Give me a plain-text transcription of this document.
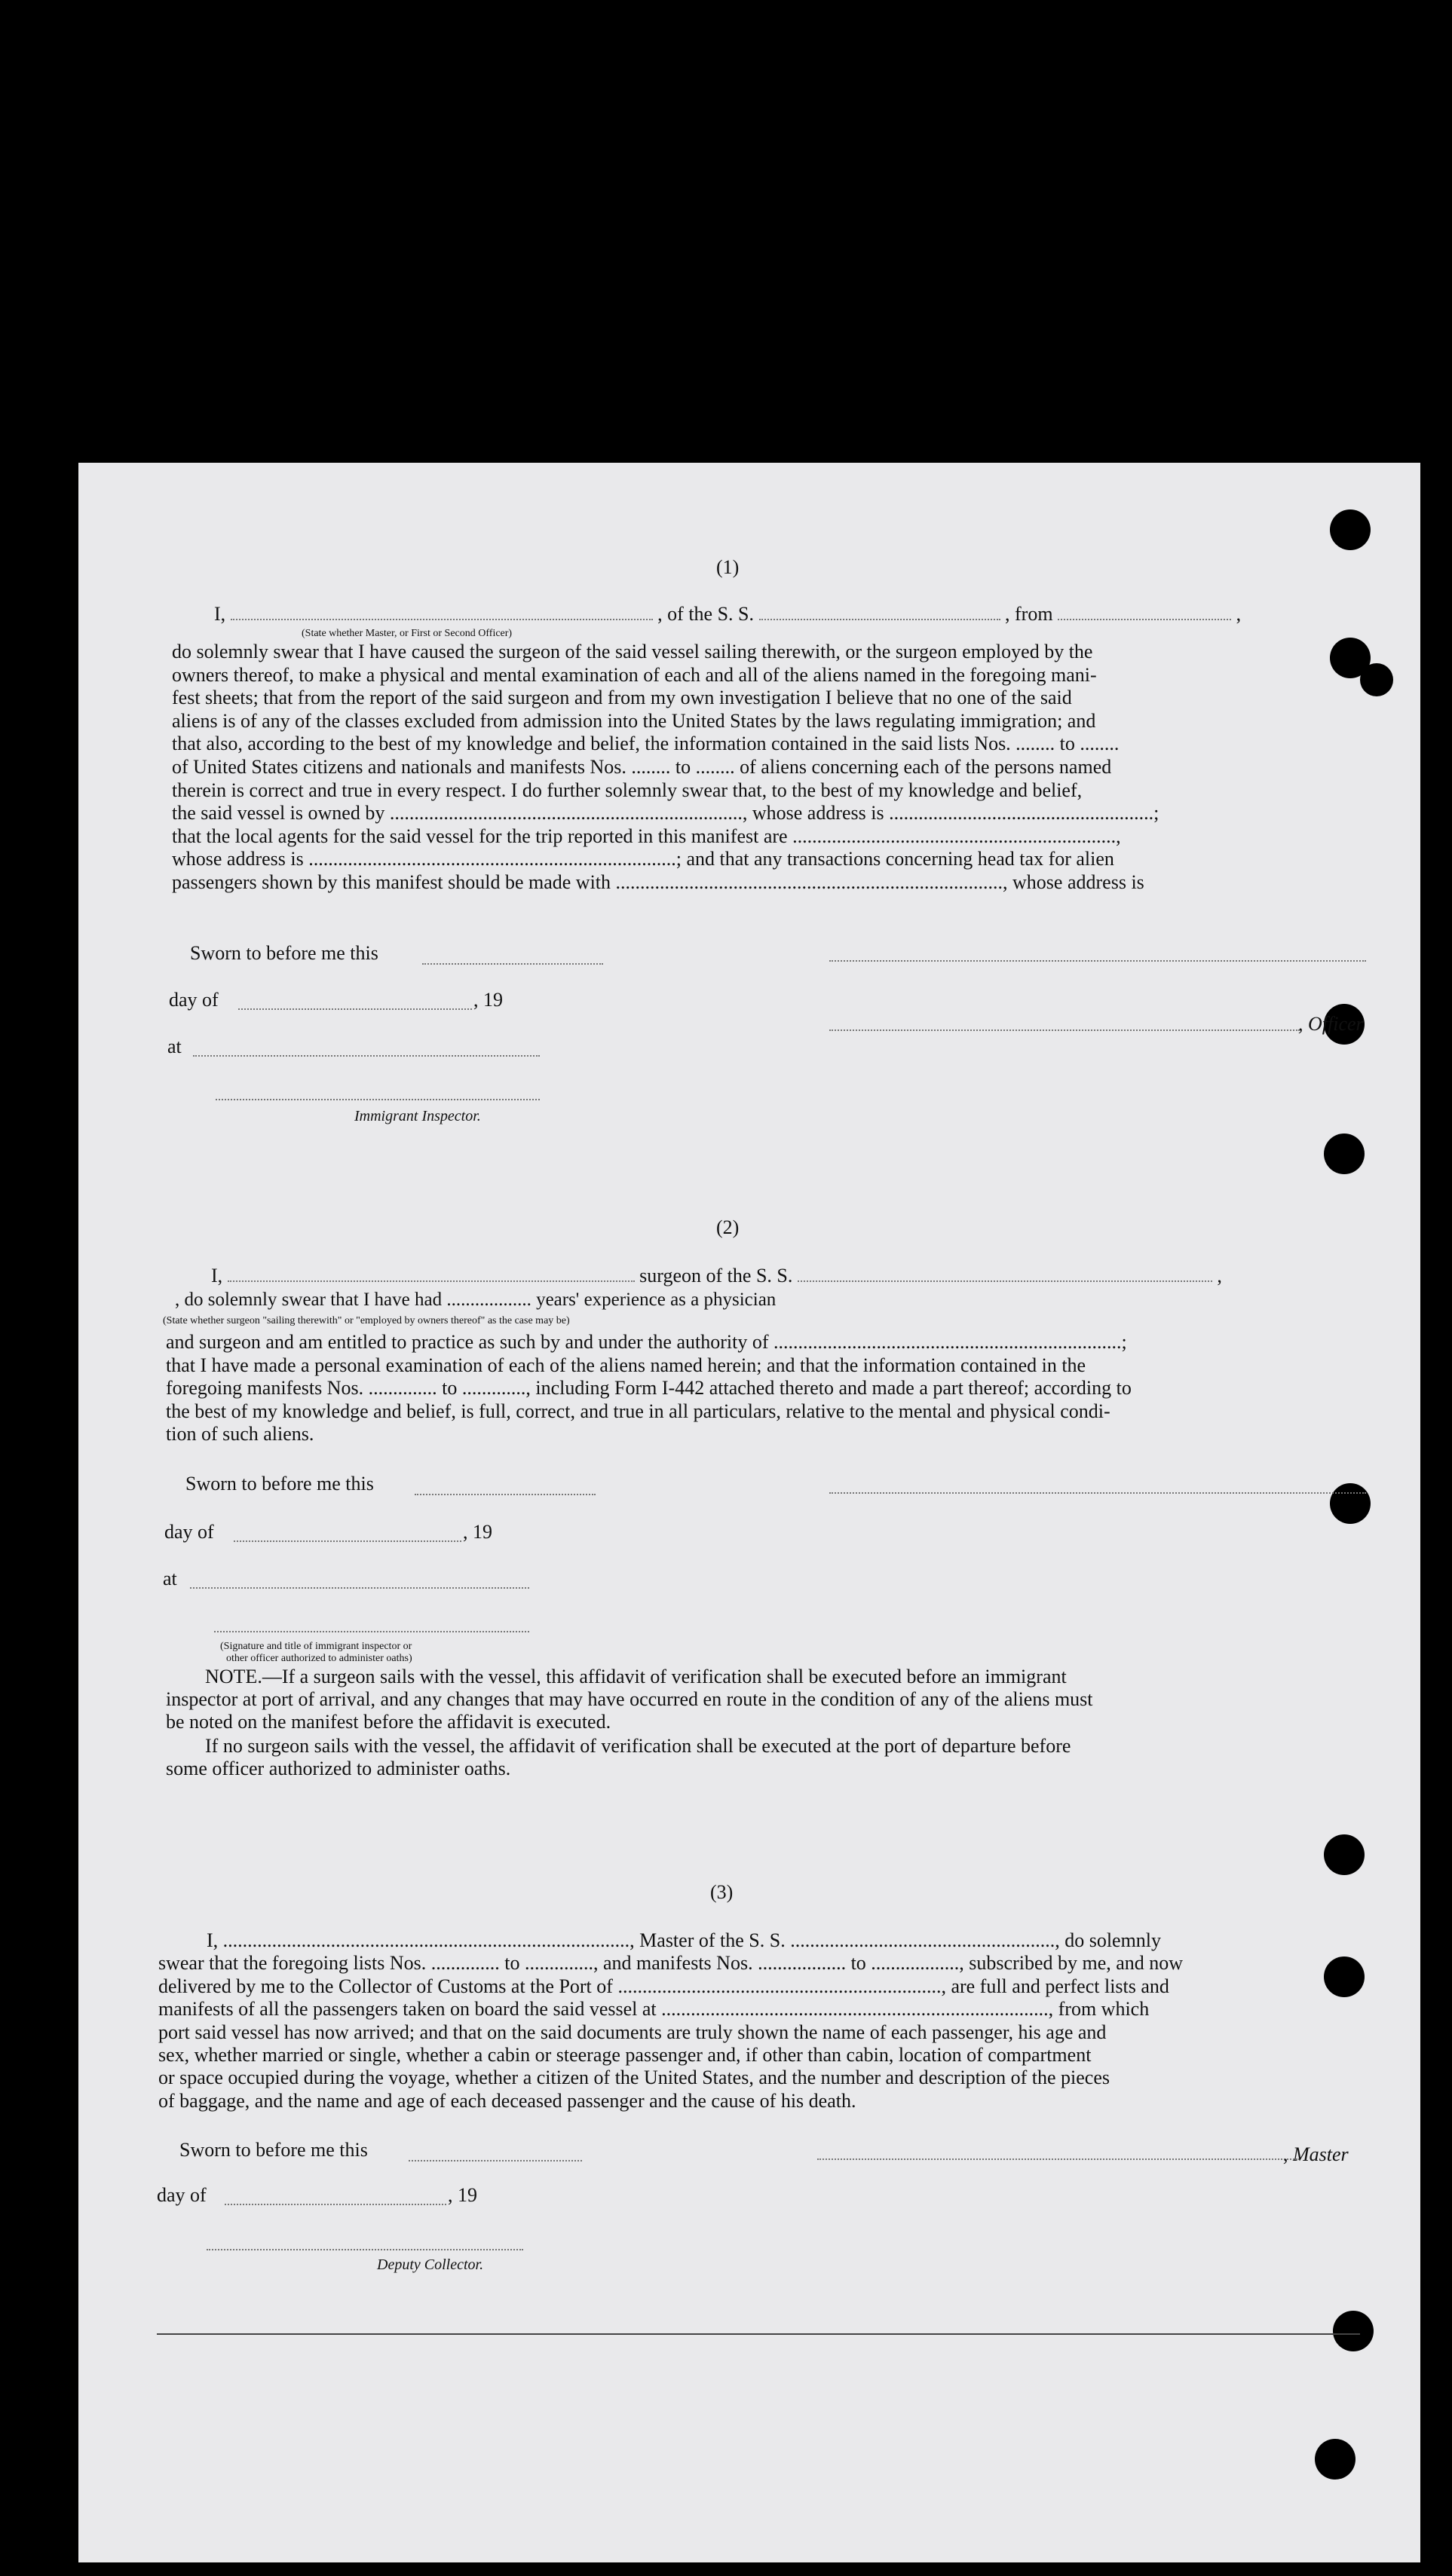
(1)
I,	, of the S. S.	, from	,
(State whether Master, or First or Second Officer)
do solemnly swear that I have caused the surgeon of the said vessel sailing therewith, or the surgeon employed by the
owners thereof, to make a physical and mental examination of each and all of the aliens named in the foregoing mani-
fest sheets; that from the report of the said surgeon and from my own investigation I believe that no one of the said
aliens is of any of the classes excluded from admission into the United States by the laws regulating immigration; and
that also, according to the best of my knowledge and belief, the information contained in the said lists Nos. ........ to ........
of United States citizens and nationals and manifests Nos. ........ to ........ of aliens concerning each of the persons named
therein is correct and true in every respect. I do further solemnly swear that, to the best of my knowledge and belief,
the said vessel is owned by ........................................................................, whose address is ......................................................;
that the local agents for the said vessel for the trip reported in this manifest are ..................................................................,
whose address is ...........................................................................; and that any transactions concerning head tax for alien
passengers shown by this manifest should be made with ..............................................................................., whose address is
Sworn to before me this
day of	, 19
, Officer
at
Immigrant Inspector.
(2)
I,	surgeon of the S. S.	,
, do solemnly swear that I have had .................. years' experience as a physician
(State whether surgeon "sailing therewith" or "employed by owners thereof" as the case may be)
and surgeon and am entitled to practice as such by and under the authority of .......................................................................;
that I have made a personal examination of each of the aliens named herein; and that the information contained in the
foregoing manifests Nos. .............. to ............., including Form I-442 attached thereto and made a part thereof; according to
the best of my knowledge and belief, is full, correct, and true in all particulars, relative to the mental and physical condi-
tion of such aliens.
Sworn to before me this
day of	, 19
at
(Signature and title of immigrant inspector or
other officer authorized to administer oaths)
NOTE.—If a surgeon sails with the vessel, this affidavit of verification shall be executed before an immigrant
inspector at port of arrival, and any changes that may have occurred en route in the condition of any of the aliens must
be noted on the manifest before the affidavit is executed.
If no surgeon sails with the vessel, the affidavit of verification shall be executed at the port of departure before
some officer authorized to administer oaths.
(3)
I, ..................................................................................., Master of the S. S. ......................................................, do solemnly
swear that the foregoing lists Nos. .............. to .............., and manifests Nos. .................. to .................., subscribed by me, and now
delivered by me to the Collector of Customs at the Port of .................................................................., are full and perfect lists and
manifests of all the passengers taken on board the said vessel at ..............................................................................., from which
port said vessel has now arrived; and that on the said documents are truly shown the name of each passenger, his age and
sex, whether married or single, whether a cabin or steerage passenger and, if other than cabin, location of compartment
or space occupied during the voyage, whether a citizen of the United States, and the number and description of the pieces
of baggage, and the name and age of each deceased passenger and the cause of his death.
Sworn to before me this	, Master
day of	, 19
Deputy Collector.
